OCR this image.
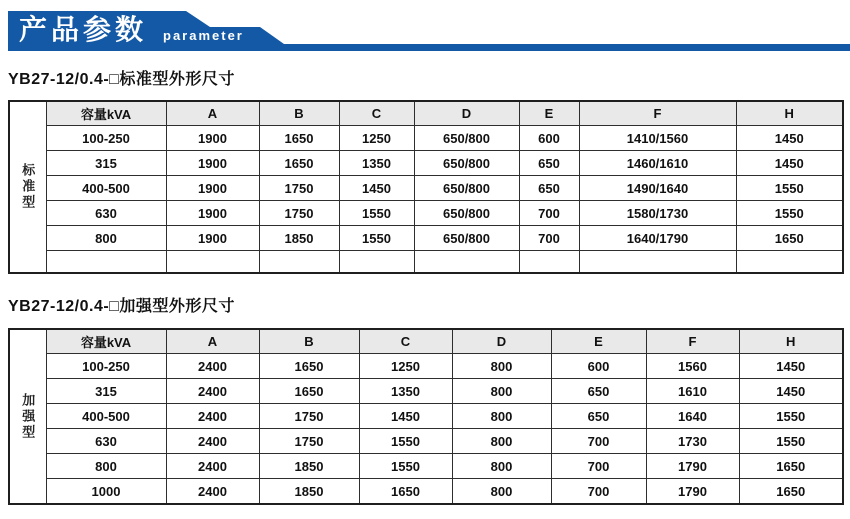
产品参数 parameter
YB27-12/0.4-□标准型外形尺寸
标准型	容量kVA	A	B	C	D	E	F	H
	100-250	1900	1650	1250	650/800	600	1410/1560	1450
	315	1900	1650	1350	650/800	650	1460/1610	1450
	400-500	1900	1750	1450	650/800	650	1490/1640	1550
	630	1900	1750	1550	650/800	700	1580/1730	1550
	800	1900	1850	1550	650/800	700	1640/1790	1650

YB27-12/0.4-□加强型外形尺寸
加强型	容量kVA	A	B	C	D	E	F	H
	100-250	2400	1650	1250	800	600	1560	1450
	315	2400	1650	1350	800	650	1610	1450
	400-500	2400	1750	1450	800	650	1640	1550
	630	2400	1750	1550	800	700	1730	1550
	800	2400	1850	1550	800	700	1790	1650
	1000	2400	1850	1650	800	700	1790	1650
